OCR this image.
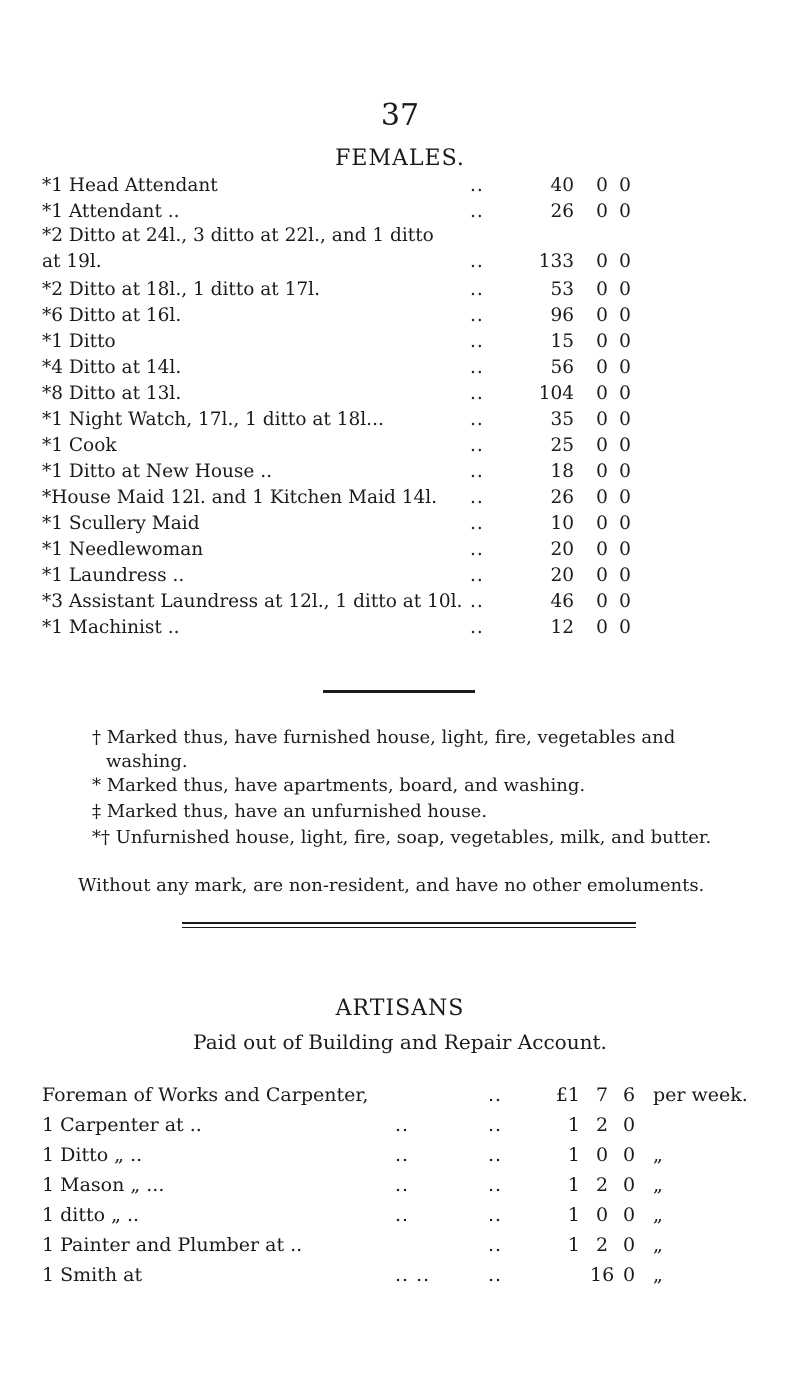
37
FEMALES.
*1 Head Attendant	..	40 0 0
*1 Attendant ..	..	26 0 0
*2 Ditto at 24l., 3 ditto at 22l., and 1 ditto
at 19l.	..	133 0 0
*2 Ditto at 18l., 1 ditto at 17l.	..	53 0 0
*6 Ditto at 16l.	..	96 0 0
*1 Ditto	..	15 0 0
*4 Ditto at 14l.	..	56 0 0
*8 Ditto at 13l.	..	104 0 0
*1 Night Watch, 17l., 1 ditto at 18l...	..	35 0 0
*1 Cook	..	25 0 0
*1 Ditto at New House ..	..	18 0 0
*House Maid 12l. and 1 Kitchen Maid 14l. ..	26 0 0
*1 Scullery Maid	..	10 0 0
*1 Needlewoman	..	20 0 0
*1 Laundress ..	..	20 0 0
*3 Assistant Laundress at 12l., 1 ditto at 10l. ..	46 0 0
*1 Machinist ..	..	12 0 0
† Marked thus, have furnished house, light, fire, vegetables and washing.
* Marked thus, have apartments, board, and washing.
‡ Marked thus, have an unfurnished house.
*† Unfurnished house, light, fire, soap, vegetables, milk, and butter.
Without any mark, are non-resident, and have no other emoluments.
ARTISANS
Paid out of Building and Repair Account.
Foreman of Works and Carpenter,	..	£1 7 6 per week.
1 Carpenter at ..	..	..	1 2 0
1 Ditto „ ..	..	..	1 0 0 „
1 Mason „ ...	..	..	1 2 0 „
1 ditto „ ..	..	..	1 0 0 „
1 Painter and Plumber at ..	..	1 2 0 „
1 Smith at	.. ..	..	16 0 „
